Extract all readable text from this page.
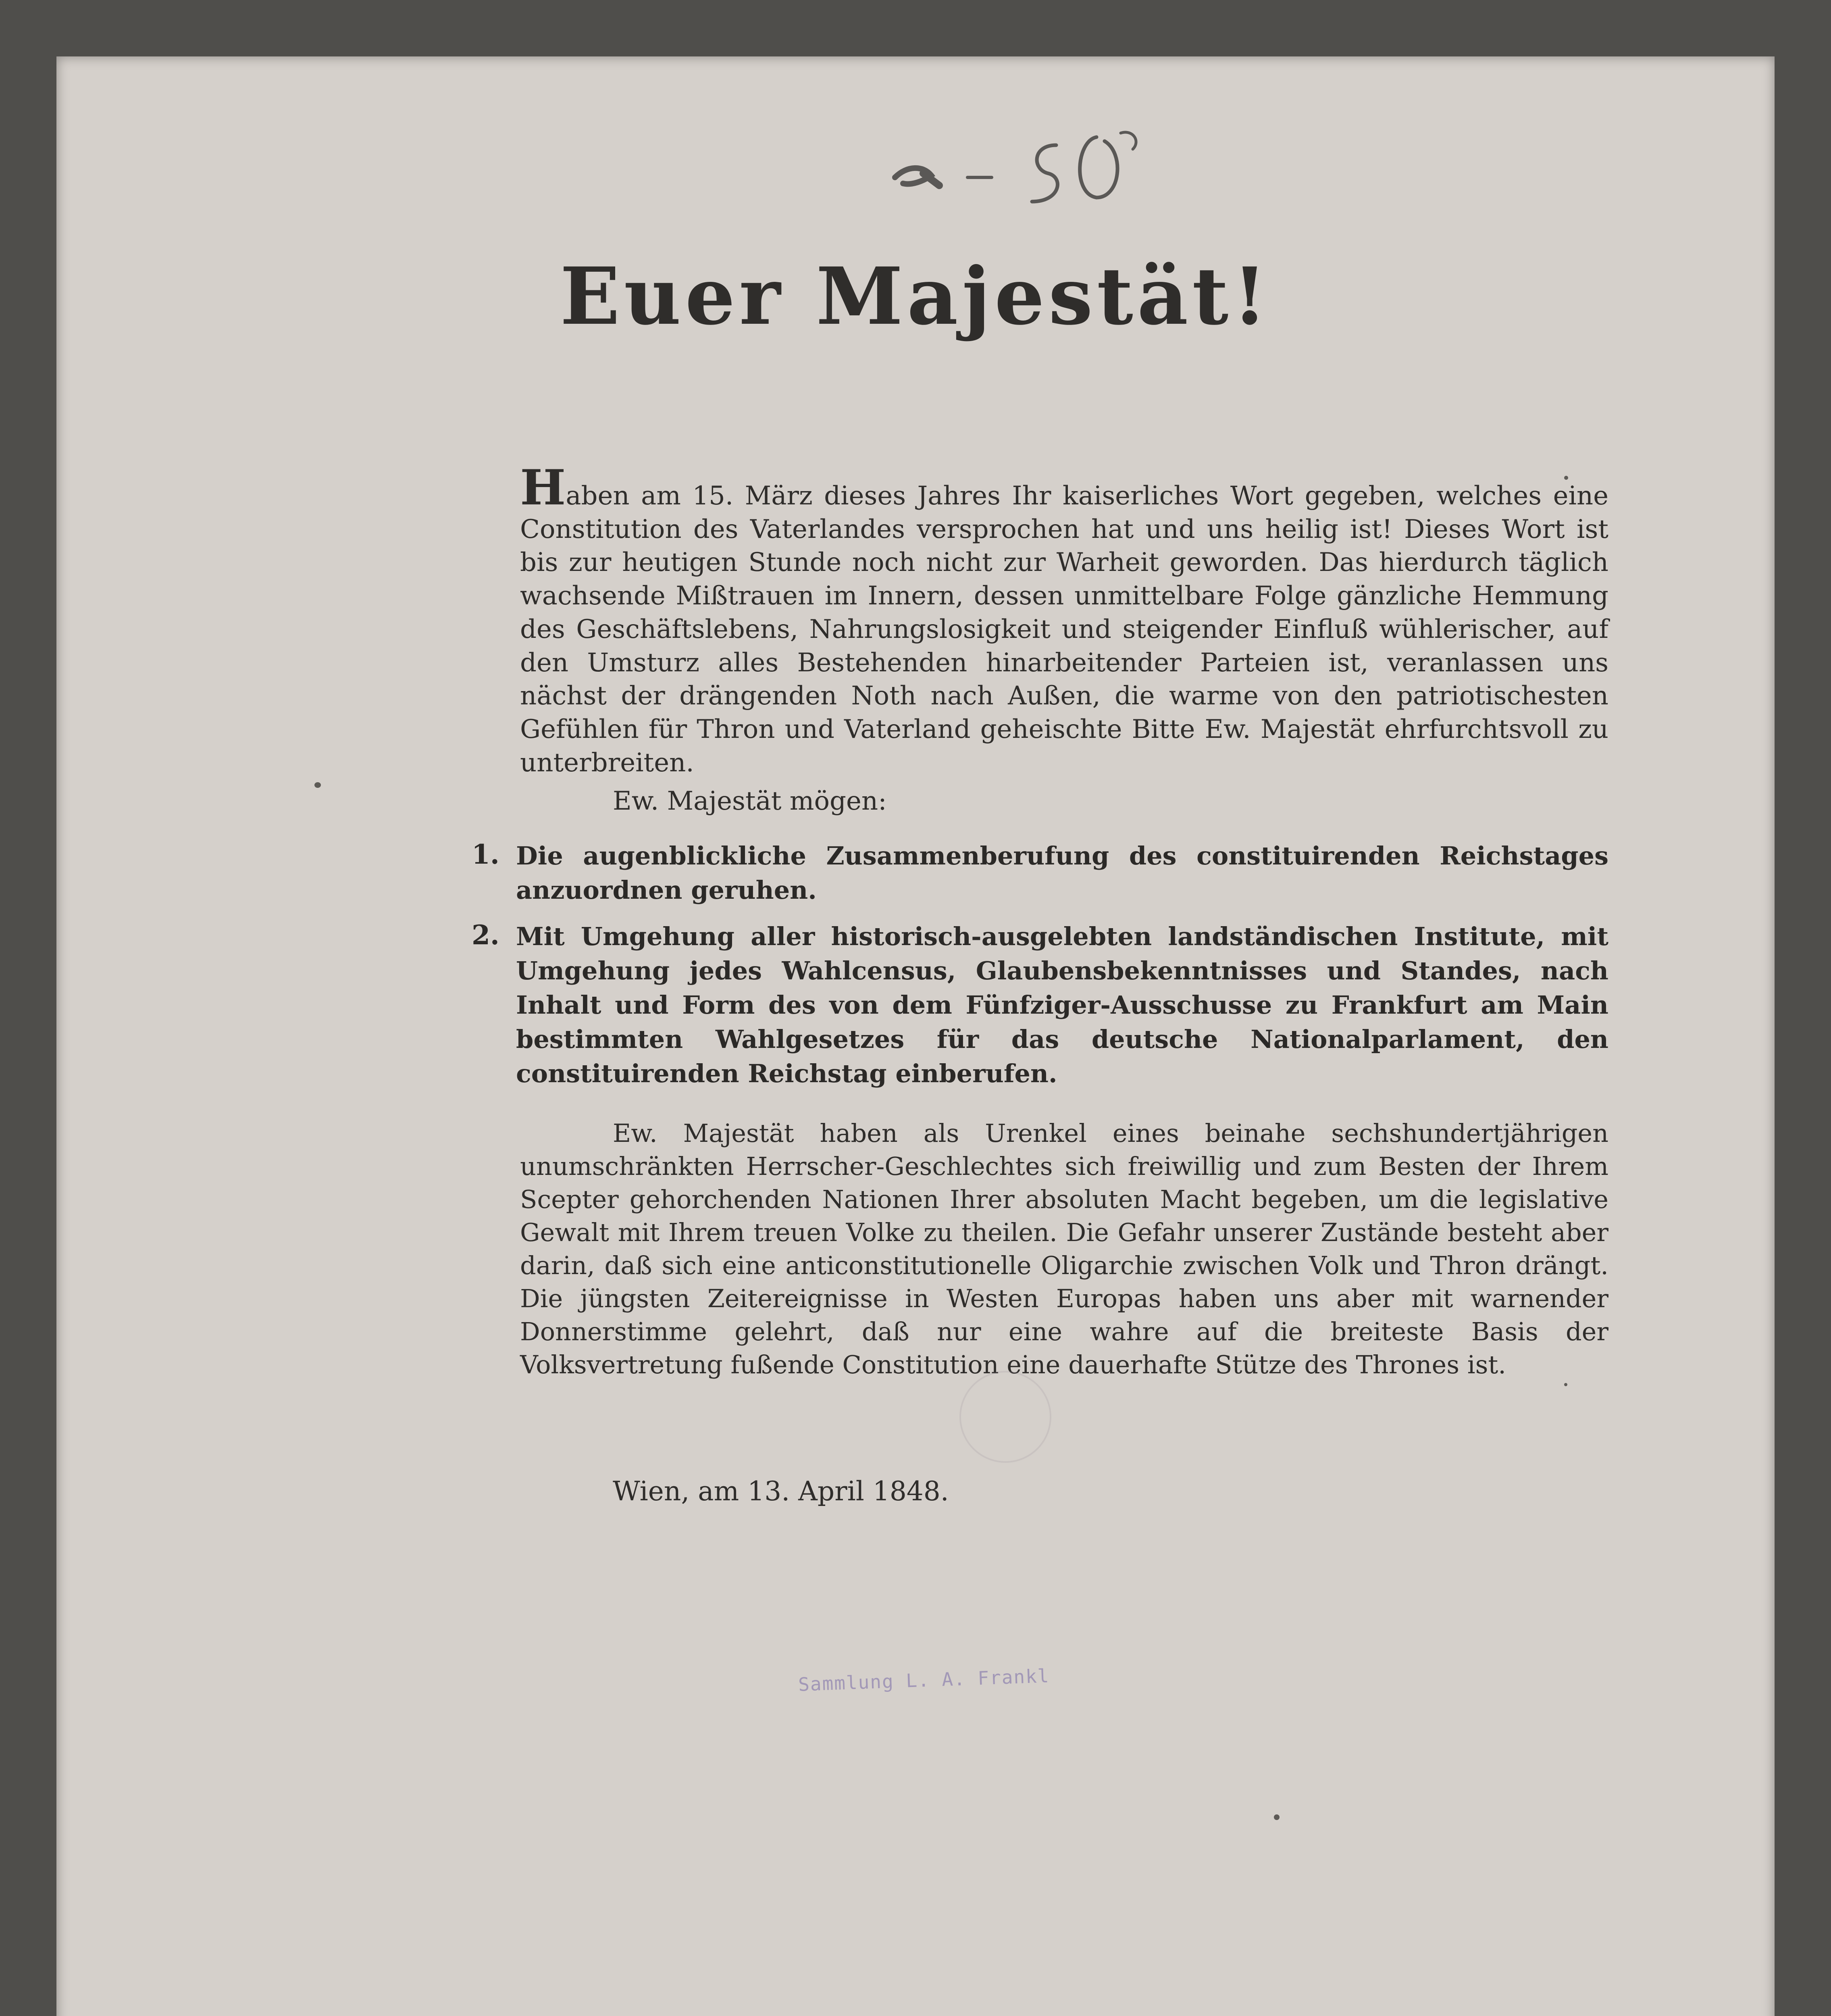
Euer Majestät!

Haben am 15. März dieses Jahres Ihr kaiserliches Wort gegeben, welches eine Constitution des Vaterlandes versprochen hat und uns heilig ist! Dieses Wort ist bis zur heutigen Stunde noch nicht zur Warheit geworden. Das hierdurch täglich wachsende Mißtrauen im Innern, dessen unmittelbare Folge gänzliche Hemmung des Geschäftslebens, Nahrungslosigkeit und steigender Einfluß wühlerischer, auf den Umsturz alles Bestehenden hinarbeitender Parteien ist, veranlassen uns nächst der drängenden Noth nach Außen, die warme von den patriotischesten Gefühlen für Thron und Vaterland geheischte Bitte Ew. Majestät ehrfurchtsvoll zu unterbreiten.

Ew. Majestät mögen:
1. Die augenblickliche Zusammenberufung des constituirenden Reichstages anzuordnen geruhen.
2. Mit Umgehung aller historisch-ausgelebten landständischen Institute, mit Umgehung jedes Wahlcensus, Glaubensbekenntnisses und Standes, nach Inhalt und Form des von dem Fünfziger-Ausschusse zu Frankfurt am Main bestimmten Wahlgesetzes für das deutsche Nationalparlament, den constituirenden Reichstag einberufen.

Ew. Majestät haben als Urenkel eines beinahe sechshundertjährigen unumschränkten Herrscher-Geschlechtes sich freiwillig und zum Besten der Ihrem Scepter gehorchenden Nationen Ihrer absoluten Macht begeben, um die legislative Gewalt mit Ihrem treuen Volke zu theilen. Die Gefahr unserer Zustände besteht aber darin, daß sich eine anticonstitutionelle Oligarchie zwischen Volk und Thron drängt. Die jüngsten Zeitereignisse in Westen Europas haben uns aber mit warnender Donnerstimme gelehrt, daß nur eine wahre auf die breiteste Basis der Volksvertretung fußende Constitution eine dauerhafte Stütze des Thrones ist.

Wien, am 13. April 1848.
Sammlung L. A. Frankl
